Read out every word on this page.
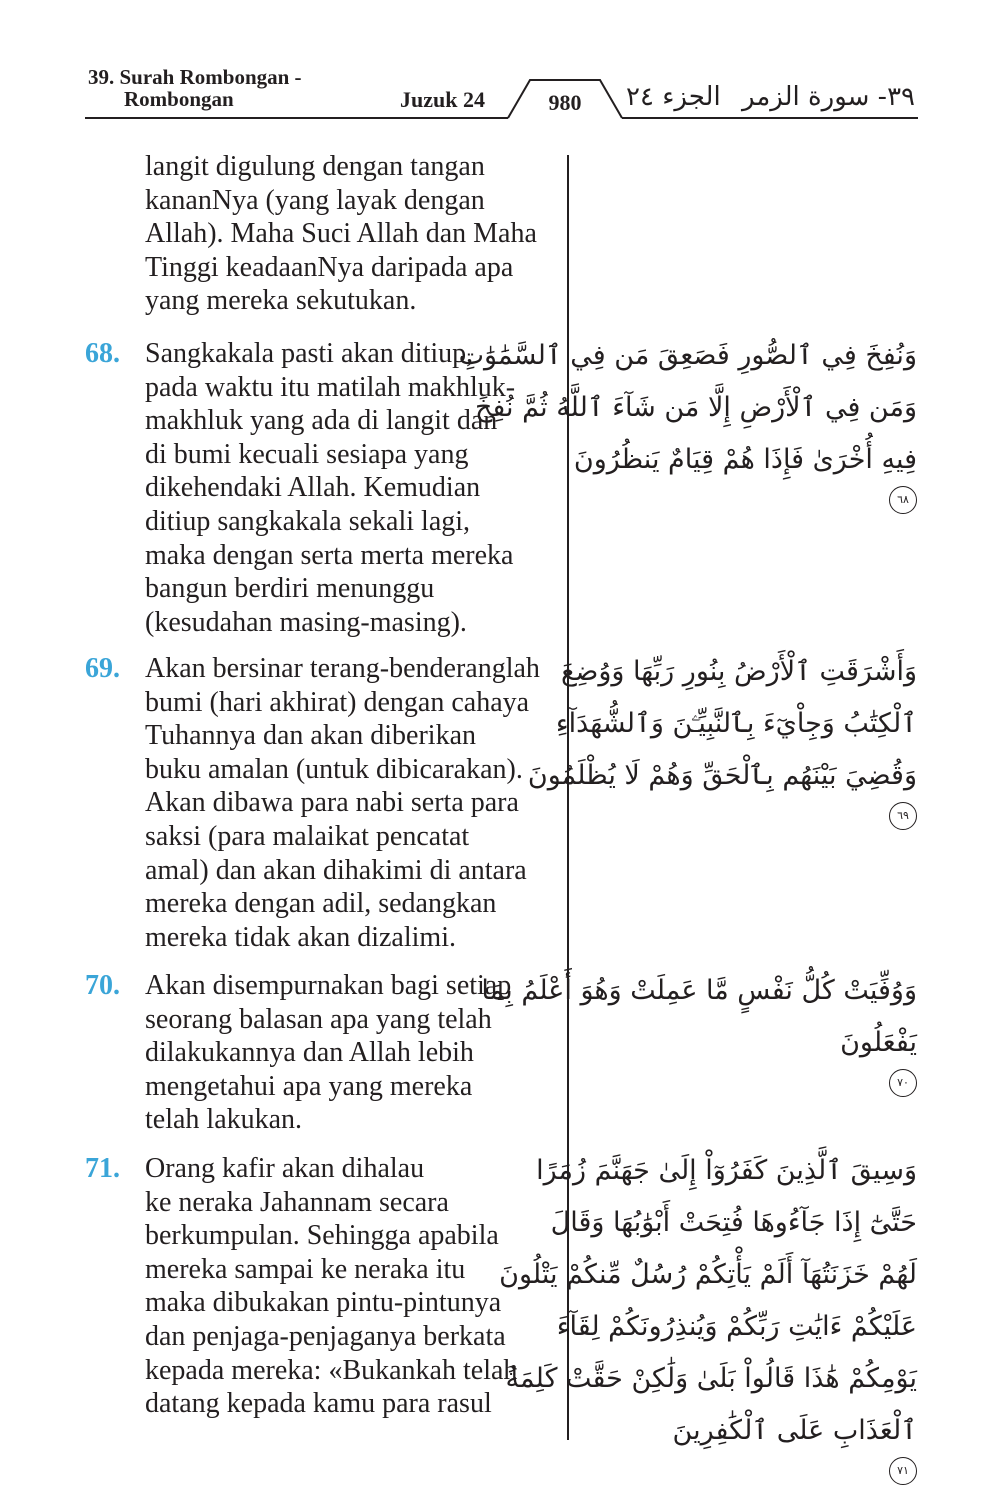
39. Surah Rombongan -
Rombongan	Juzuk 24	980	الجزء ٢٤ ٣٩- سورة الزمر

langit digulung dengan tangan
kananNya (yang layak dengan
Allah). Maha Suci Allah dan Maha
Tinggi keadaanNya daripada apa
yang mereka sekutukan.

68. Sangkakala pasti akan ditiup,
pada waktu itu matilah makhluk-
makhluk yang ada di langit dan
di bumi kecuali sesiapa yang
dikehendaki Allah. Kemudian
ditiup sangkakala sekali lagi,
maka dengan serta merta mereka
bangun berdiri menunggu
(kesudahan masing-masing).

وَنُفِخَ فِي ٱلصُّورِ فَصَعِقَ مَن فِي ٱلسَّمَٰوَٰتِ
وَمَن فِي ٱلْأَرْضِ إِلَّا مَن شَآءَ ٱللَّهُ ثُمَّ نُفِخَ
فِيهِ أُخْرَىٰ فَإِذَا هُمْ قِيَامٌ يَنظُرُونَ
٦٨
69. Akan bersinar terang-benderanglah
bumi (hari akhirat) dengan cahaya
Tuhannya dan akan diberikan
buku amalan (untuk dibicarakan).
Akan dibawa para nabi serta para
saksi (para malaikat pencatat
amal) dan akan dihakimi di antara
mereka dengan adil, sedangkan
mereka tidak akan dizalimi.

وَأَشْرَقَتِ ٱلْأَرْضُ بِنُورِ رَبِّهَا وَوُضِعَ
ٱلْكِتَٰبُ وَجِاْيٓءَ بِٱلنَّبِيِّـۧنَ وَٱلشُّهَدَآءِ
وَقُضِيَ بَيْنَهُم بِٱلْحَقِّ وَهُمْ لَا يُظْلَمُونَ
٦٩
70. Akan disempurnakan bagi setiap
seorang balasan apa yang telah
dilakukannya dan Allah lebih
mengetahui apa yang mereka
telah lakukan.

وَوُفِّيَتْ كُلُّ نَفْسٍ مَّا عَمِلَتْ وَهُوَ أَعْلَمُ بِمَا
يَفْعَلُونَ
٧٠
71. Orang kafir akan dihalau
ke neraka Jahannam secara
berkumpulan. Sehingga apabila
mereka sampai ke neraka itu
maka dibukakan pintu-pintunya
dan penjaga-penjaganya berkata
kepada mereka: «Bukankah telah
datang kepada kamu para rasul

وَسِيقَ ٱلَّذِينَ كَفَرُوٓاْ إِلَىٰ جَهَنَّمَ زُمَرًا
حَتَّىٰٓ إِذَا جَآءُوهَا فُتِحَتْ أَبْوَٰبُهَا وَقَالَ
لَهُمْ خَزَنَتُهَآ أَلَمْ يَأْتِكُمْ رُسُلٌ مِّنكُمْ يَتْلُونَ
عَلَيْكُمْ ءَايَٰتِ رَبِّكُمْ وَيُنذِرُونَكُمْ لِقَآءَ
يَوْمِكُمْ هَٰذَا قَالُواْ بَلَىٰ وَلَٰكِنْ حَقَّتْ كَلِمَةُ
ٱلْعَذَابِ عَلَى ٱلْكَٰفِرِينَ
٧١
